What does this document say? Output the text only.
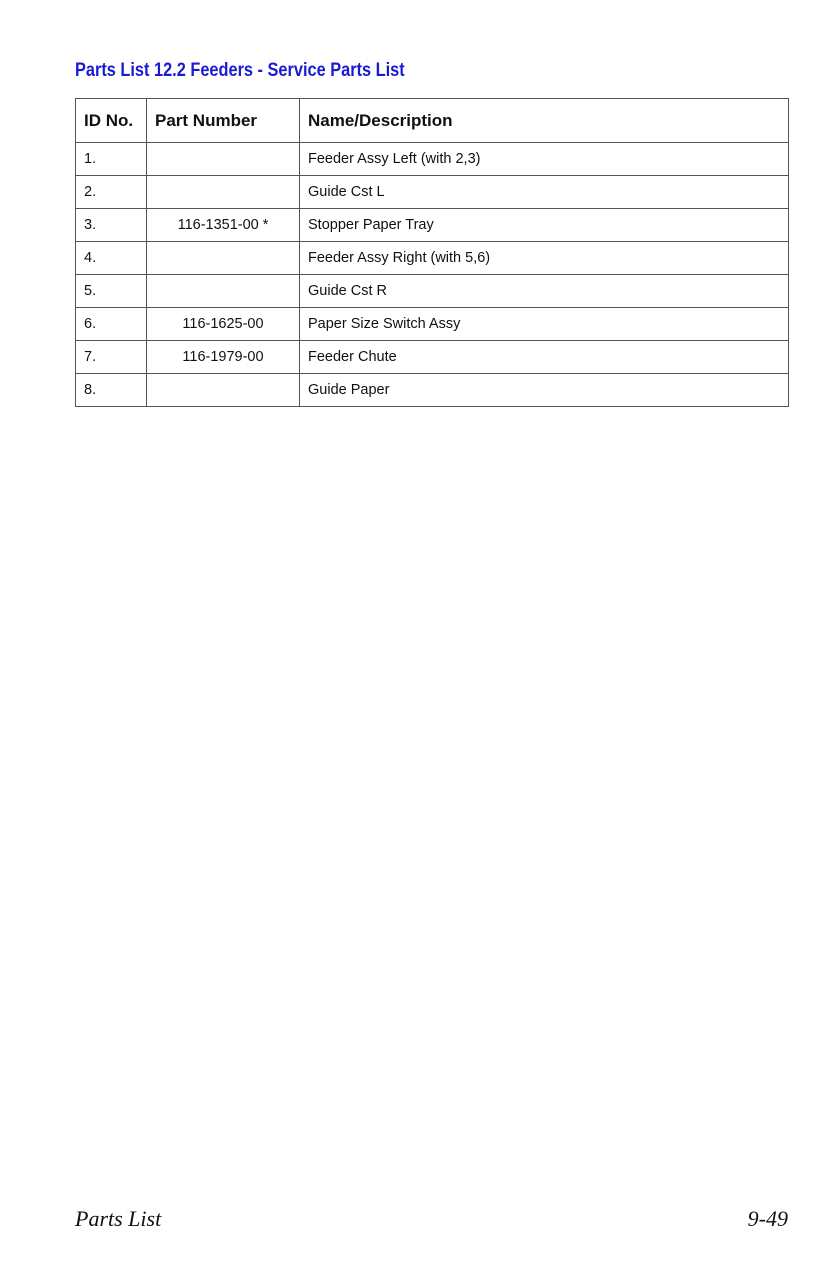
Parts List 12.2 Feeders - Service Parts List
ID No.	Part Number	Name/Description
1.		Feeder Assy Left (with 2,3)
2.		Guide Cst L
3.	116-1351-00 *	Stopper Paper Tray
4.		Feeder Assy Right (with 5,6)
5.		Guide Cst R
6.	116-1625-00	Paper Size Switch Assy
7.	116-1979-00	Feeder Chute
8.		Guide Paper
Parts List	9-49
